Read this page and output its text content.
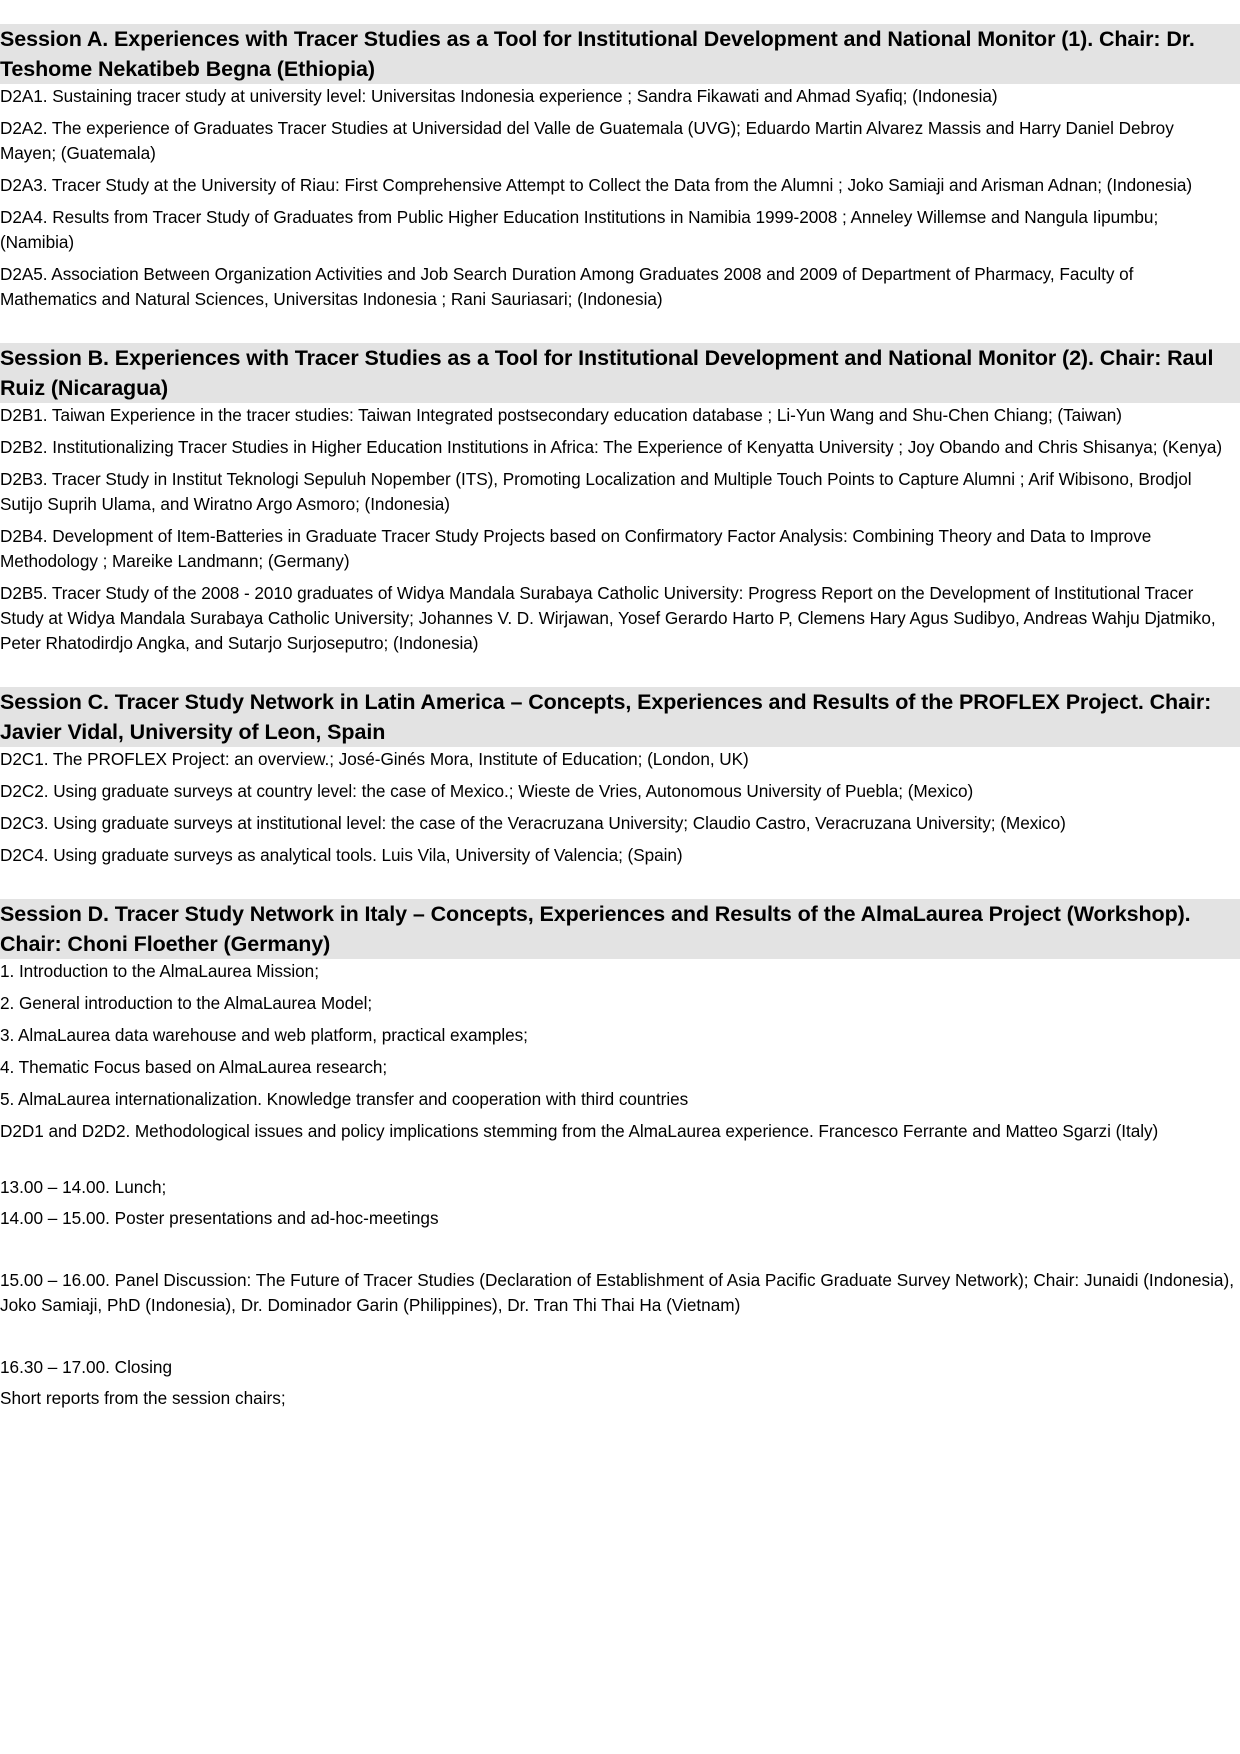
Session A. Experiences with Tracer Studies as a Tool for Institutional Development and National Monitor (1). Chair: Dr. Teshome Nekatibeb Begna (Ethiopia)
D2A1. Sustaining tracer study at university level: Universitas Indonesia experience ; Sandra Fikawati and Ahmad Syafiq; (Indonesia)
D2A2. The experience of Graduates Tracer Studies at Universidad del Valle de Guatemala (UVG); Eduardo Martin Alvarez Massis and Harry Daniel Debroy Mayen; (Guatemala)
D2A3. Tracer Study at the University of Riau: First Comprehensive Attempt to Collect the Data from the Alumni ; Joko Samiaji and Arisman Adnan; (Indonesia)
D2A4. Results from Tracer Study of Graduates from Public Higher Education Institutions in Namibia 1999-2008 ; Anneley Willemse and Nangula Iipumbu; (Namibia)
D2A5. Association Between Organization Activities and Job Search Duration Among Graduates 2008 and 2009 of Department of Pharmacy, Faculty of Mathematics and Natural Sciences, Universitas Indonesia ; Rani Sauriasari; (Indonesia)
Session B. Experiences with Tracer Studies as a Tool for Institutional Development and National Monitor (2). Chair: Raul Ruiz (Nicaragua)
D2B1. Taiwan Experience in the tracer studies: Taiwan Integrated postsecondary education database ; Li-Yun Wang and Shu-Chen Chiang; (Taiwan)
D2B2. Institutionalizing Tracer Studies in Higher Education Institutions in Africa: The Experience of Kenyatta University ; Joy Obando and Chris Shisanya; (Kenya)
D2B3. Tracer Study in Institut Teknologi Sepuluh Nopember (ITS), Promoting Localization and Multiple Touch Points to Capture Alumni ; Arif Wibisono, Brodjol Sutijo Suprih Ulama, and Wiratno Argo Asmoro; (Indonesia)
D2B4. Development of Item-Batteries in Graduate Tracer Study Projects based on Confirmatory Factor Analysis: Combining Theory and Data to Improve Methodology ; Mareike Landmann; (Germany)
D2B5. Tracer Study of the 2008 - 2010 graduates of Widya Mandala Surabaya Catholic University: Progress Report on the Development of Institutional Tracer Study at Widya Mandala Surabaya Catholic University; Johannes V. D. Wirjawan, Yosef Gerardo Harto P, Clemens Hary Agus Sudibyo, Andreas Wahju Djatmiko, Peter Rhatodirdjo Angka, and Sutarjo Surjoseputro; (Indonesia)
Session C. Tracer Study Network in Latin America – Concepts, Experiences and Results of the PROFLEX Project. Chair: Javier Vidal, University of Leon, Spain
D2C1. The PROFLEX Project: an overview.; José-Ginés Mora, Institute of Education; (London, UK)
D2C2. Using graduate surveys at country level: the case of Mexico.; Wieste de Vries, Autonomous University of Puebla; (Mexico)
D2C3. Using graduate surveys at institutional level: the case of the Veracruzana University; Claudio Castro, Veracruzana University; (Mexico)
D2C4. Using graduate surveys as analytical tools. Luis Vila, University of Valencia; (Spain)
Session D. Tracer Study Network in Italy – Concepts, Experiences and Results of the AlmaLaurea Project (Workshop). Chair: Choni Floether (Germany)
1. Introduction to the AlmaLaurea Mission;
2. General introduction to the AlmaLaurea Model;
3. AlmaLaurea data warehouse and web platform, practical examples;
4. Thematic Focus based on AlmaLaurea research;
5. AlmaLaurea internationalization. Knowledge transfer and cooperation with third countries
D2D1 and D2D2. Methodological issues and policy implications stemming from the AlmaLaurea experience. Francesco Ferrante and Matteo Sgarzi (Italy)
13.00 – 14.00. Lunch;
14.00 – 15.00. Poster presentations and ad-hoc-meetings
15.00 – 16.00. Panel Discussion: The Future of Tracer Studies (Declaration of Establishment of Asia Pacific Graduate Survey Network); Chair: Junaidi (Indonesia), Joko Samiaji, PhD (Indonesia), Dr. Dominador Garin (Philippines), Dr. Tran Thi Thai Ha (Vietnam)
16.30 – 17.00. Closing
Short reports from the session chairs;
